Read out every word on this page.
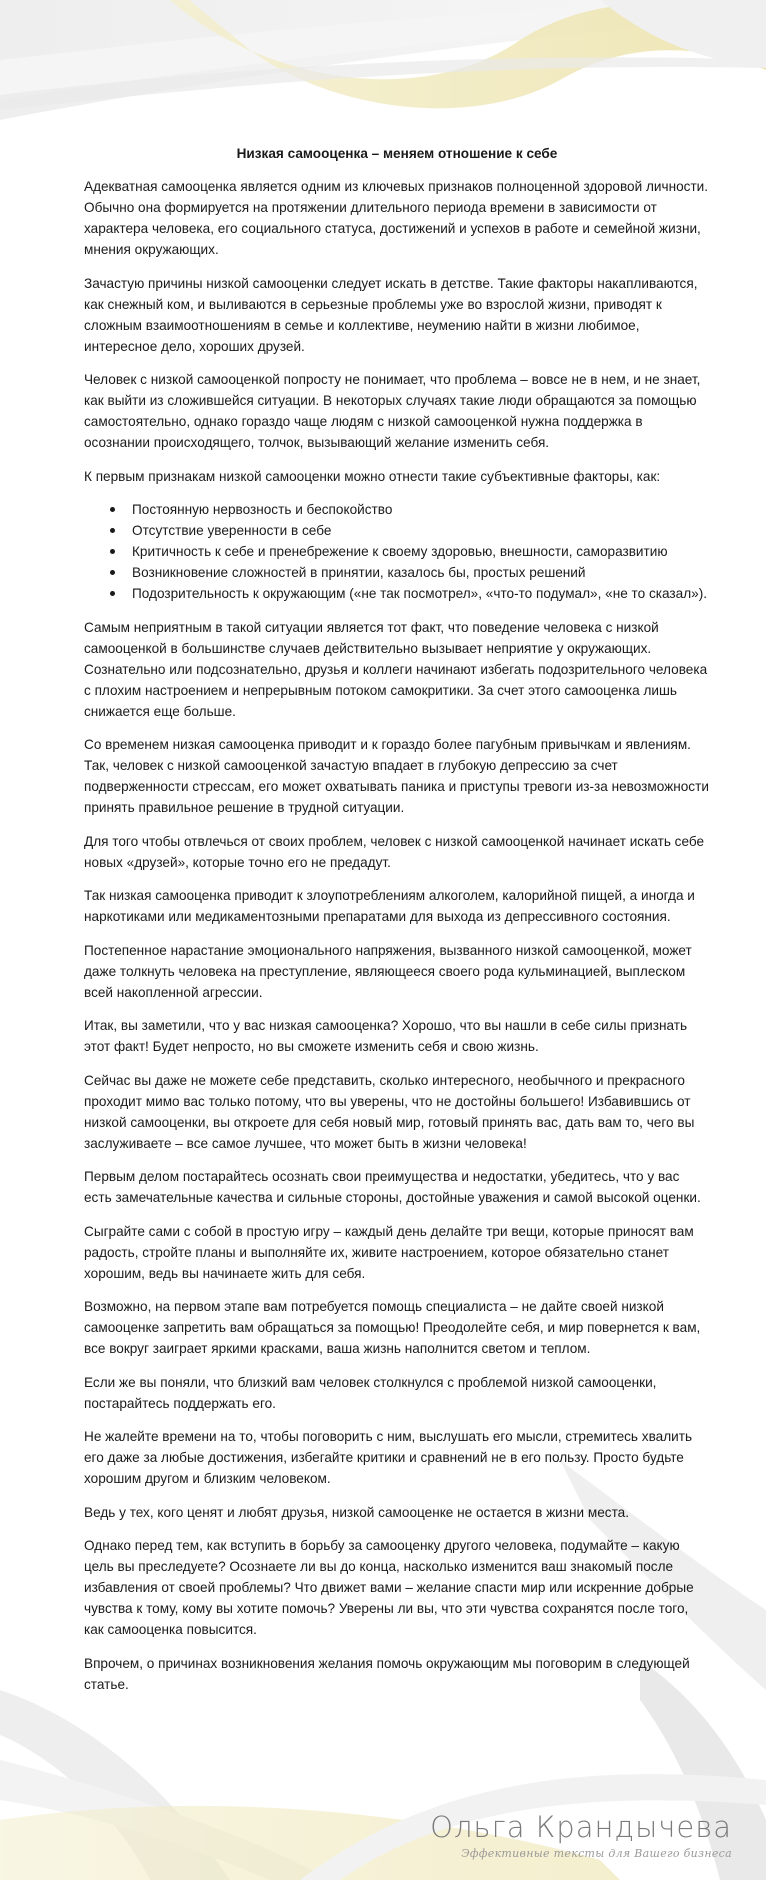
Низкая самооценка – меняем отношение к себе

Адекватная самооценка является одним из ключевых признаков полноценной здоровой личности. Обычно она формируется на протяжении длительного периода времени в зависимости от характера человека, его социального статуса, достижений и успехов в работе и семейной жизни, мнения окружающих.

Зачастую причины низкой самооценки следует искать в детстве. Такие факторы накапливаются, как снежный ком, и выливаются в серьезные проблемы уже во взрослой жизни, приводят к сложным взаимоотношениям в семье и коллективе, неумению найти в жизни любимое, интересное дело, хороших друзей.

Человек с низкой самооценкой попросту не понимает, что проблема – вовсе не в нем, и не знает, как выйти из сложившейся ситуации. В некоторых случаях такие люди обращаются за помощью самостоятельно, однако гораздо чаще людям с низкой самооценкой нужна поддержка в осознании происходящего, толчок, вызывающий желание изменить себя.

К первым признакам низкой самооценки можно отнести такие субъективные факторы, как:

Постоянную нервозность и беспокойство
Отсутствие уверенности в себе
Критичность к себе и пренебрежение к своему здоровью, внешности, саморазвитию
Возникновение сложностей в принятии, казалось бы, простых решений
Подозрительность к окружающим («не так посмотрел», «что-то подумал», «не то сказал»).

Самым неприятным в такой ситуации является тот факт, что поведение человека с низкой самооценкой в большинстве случаев действительно вызывает неприятие у окружающих. Сознательно или подсознательно, друзья и коллеги начинают избегать подозрительного человека с плохим настроением и непрерывным потоком самокритики. За счет этого самооценка лишь снижается еще больше.

Со временем низкая самооценка приводит и к гораздо более пагубным привычкам и явлениям. Так, человек с низкой самооценкой зачастую впадает в глубокую депрессию за счет подверженности стрессам, его может охватывать паника и приступы тревоги из-за невозможности принять правильное решение в трудной ситуации.

Для того чтобы отвлечься от своих проблем, человек с низкой самооценкой начинает искать себе новых «друзей», которые точно его не предадут.

Так низкая самооценка приводит к злоупотреблениям алкоголем, калорийной пищей, а иногда и наркотиками или медикаментозными препаратами для выхода из депрессивного состояния.

Постепенное нарастание эмоционального напряжения, вызванного низкой самооценкой, может даже толкнуть человека на преступление, являющееся своего рода кульминацией, выплеском всей накопленной агрессии.

Итак, вы заметили, что у вас низкая самооценка? Хорошо, что вы нашли в себе силы признать этот факт! Будет непросто, но вы сможете изменить себя и свою жизнь.

Сейчас вы даже не можете себе представить, сколько интересного, необычного и прекрасного проходит мимо вас только потому, что вы уверены, что не достойны большего! Избавившись от низкой самооценки, вы откроете для себя новый мир, готовый принять вас, дать вам то, чего вы заслуживаете – все самое лучшее, что может быть в жизни человека!

Первым делом постарайтесь осознать свои преимущества и недостатки, убедитесь, что у вас есть замечательные качества и сильные стороны, достойные уважения и самой высокой оценки.

Сыграйте сами с собой в простую игру – каждый день делайте три вещи, которые приносят вам радость, стройте планы и выполняйте их, живите настроением, которое обязательно станет хорошим, ведь вы начинаете жить для себя.

Возможно, на первом этапе вам потребуется помощь специалиста – не дайте своей низкой самооценке запретить вам обращаться за помощью! Преодолейте себя, и мир повернется к вам, все вокруг заиграет яркими красками, ваша жизнь наполнится светом и теплом.

Если же вы поняли, что близкий вам человек столкнулся с проблемой низкой самооценки, постарайтесь поддержать его.

Не жалейте времени на то, чтобы поговорить с ним, выслушать его мысли, стремитесь хвалить его даже за любые достижения, избегайте критики и сравнений не в его пользу. Просто будьте хорошим другом и близким человеком.

Ведь у тех, кого ценят и любят друзья, низкой самооценке не остается в жизни места.

Однако перед тем, как вступить в борьбу за самооценку другого человека, подумайте – какую цель вы преследуете? Осознаете ли вы до конца, насколько изменится ваш знакомый после избавления от своей проблемы? Что движет вами – желание спасти мир или искренние добрые чувства к тому, кому вы хотите помочь? Уверены ли вы, что эти чувства сохранятся после того, как самооценка повысится.

Впрочем, о причинах возникновения желания помочь окружающим мы поговорим в следующей статье.

Ольга Крандычева
Эффективные тексты для Вашего бизнеса
